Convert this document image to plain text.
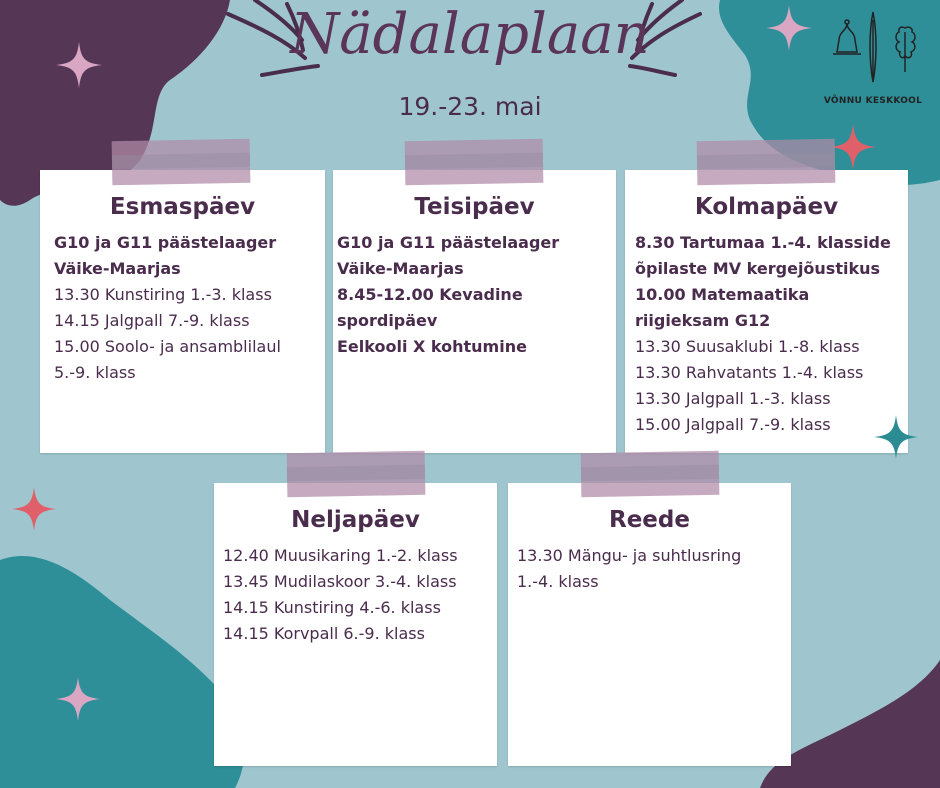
Nädalaplaan
19.-23. mai	VÕNNU KESKKOOL
Esmaspäev
G10 ja G11 päästelaager Väike-Maarjas
13.30 Kunstiring 1.-3. klass
14.15 Jalgpall 7.-9. klass
15.00 Soolo- ja ansamblilaul 5.-9. klass
Teisipäev
G10 ja G11 päästelaager Väike-Maarjas
8.45-12.00 Kevadine spordipäev
Eelkooli X kohtumine
Kolmapäev
8.30 Tartumaa 1.-4. klasside õpilaste MV kergejõustikus
10.00 Matemaatika riigieksam G12
13.30 Suusaklubi 1.-8. klass
13.30 Rahvatants 1.-4. klass
13.30 Jalgpall 1.-3. klass
15.00 Jalgpall 7.-9. klass
Neljapäev
12.40 Muusikaring 1.-2. klass
13.45 Mudilaskoor 3.-4. klass
14.15 Kunstiring 4.-6. klass
14.15 Korvpall 6.-9. klass
Reede
13.30 Mängu- ja suhtlusring 1.-4. klass
